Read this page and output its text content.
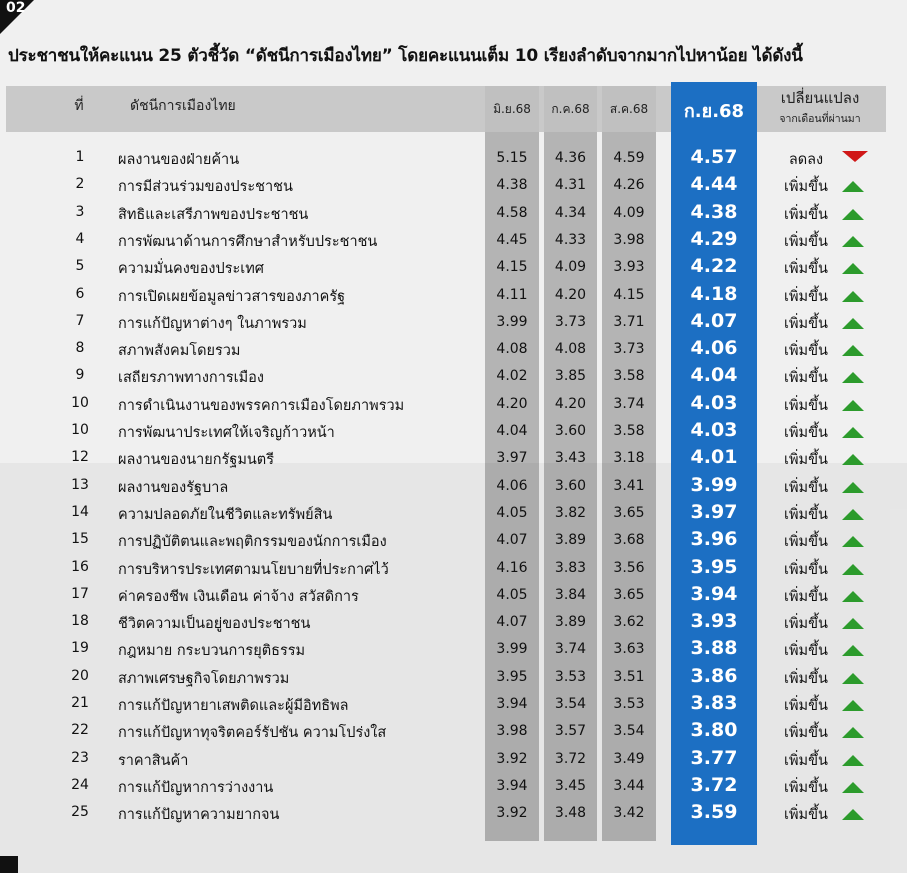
02
ประชาชนให้คะแนน 25 ตัวชี้วัด “ดัชนีการเมืองไทย” โดยคะแนนเต็ม 10 เรียงลำดับจากมากไปหาน้อย ได้ดังนี้
ที่	ดัชนีการเมืองไทย	มิ.ย.68	ก.ค.68	ส.ค.68	ก.ย.68
เปลี่ยนแปลง
จากเดือนที่ผ่านมา
1	ผลงานของฝ่ายค้าน	5.15	4.36	4.59	4.57	ลดลง
2	การมีส่วนร่วมของประชาชน	4.38	4.31	4.26	4.44	เพิ่มขึ้น
3	สิทธิและเสรีภาพของประชาชน	4.58	4.34	4.09	4.38	เพิ่มขึ้น
4	การพัฒนาด้านการศึกษาสำหรับประชาชน	4.45	4.33	3.98	4.29	เพิ่มขึ้น
5	ความมั่นคงของประเทศ	4.15	4.09	3.93	4.22	เพิ่มขึ้น
6	การเปิดเผยข้อมูลข่าวสารของภาครัฐ	4.11	4.20	4.15	4.18	เพิ่มขึ้น
7	การแก้ปัญหาต่างๆ ในภาพรวม	3.99	3.73	3.71	4.07	เพิ่มขึ้น
8	สภาพสังคมโดยรวม	4.08	4.08	3.73	4.06	เพิ่มขึ้น
9	เสถียรภาพทางการเมือง	4.02	3.85	3.58	4.04	เพิ่มขึ้น
10	การดำเนินงานของพรรคการเมืองโดยภาพรวม	4.20	4.20	3.74	4.03	เพิ่มขึ้น
10	การพัฒนาประเทศให้เจริญก้าวหน้า	4.04	3.60	3.58	4.03	เพิ่มขึ้น
12	ผลงานของนายกรัฐมนตรี	3.97	3.43	3.18	4.01	เพิ่มขึ้น
13	ผลงานของรัฐบาล	4.06	3.60	3.41	3.99	เพิ่มขึ้น
14	ความปลอดภัยในชีวิตและทรัพย์สิน	4.05	3.82	3.65	3.97	เพิ่มขึ้น
15	การปฏิบัติตนและพฤติกรรมของนักการเมือง	4.07	3.89	3.68	3.96	เพิ่มขึ้น
16	การบริหารประเทศตามนโยบายที่ประกาศไว้	4.16	3.83	3.56	3.95	เพิ่มขึ้น
17	ค่าครองชีพ เงินเดือน ค่าจ้าง สวัสดิการ	4.05	3.84	3.65	3.94	เพิ่มขึ้น
18	ชีวิตความเป็นอยู่ของประชาชน	4.07	3.89	3.62	3.93	เพิ่มขึ้น
19	กฎหมาย กระบวนการยุติธรรม	3.99	3.74	3.63	3.88	เพิ่มขึ้น
20	สภาพเศรษฐกิจโดยภาพรวม	3.95	3.53	3.51	3.86	เพิ่มขึ้น
21	การแก้ปัญหายาเสพติดและผู้มีอิทธิพล	3.94	3.54	3.53	3.83	เพิ่มขึ้น
22	การแก้ปัญหาทุจริตคอร์รัปชัน ความโปร่งใส	3.98	3.57	3.54	3.80	เพิ่มขึ้น
23	ราคาสินค้า	3.92	3.72	3.49	3.77	เพิ่มขึ้น
24	การแก้ปัญหาการว่างงาน	3.94	3.45	3.44	3.72	เพิ่มขึ้น
25	การแก้ปัญหาความยากจน	3.92	3.48	3.42	3.59	เพิ่มขึ้น
